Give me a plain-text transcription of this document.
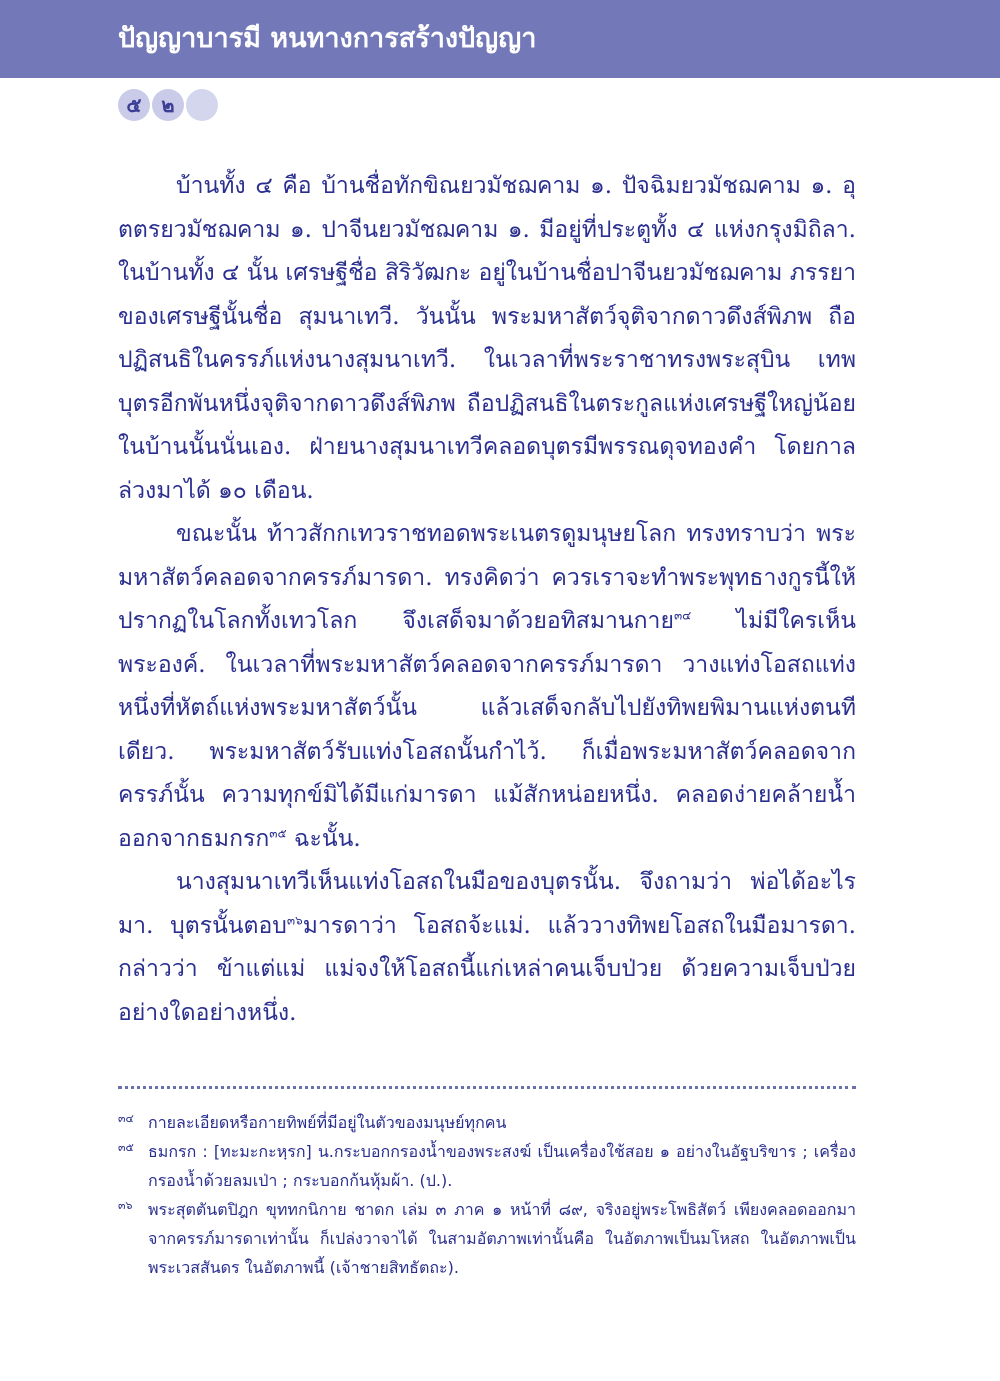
ปัญญาบารมี หนทางการสร้างปัญญา
๕ ๒

บ้านทั้ง ๔ คือ บ้านชื่อทักขิณยวมัชฌคาม ๑. ปัจฉิมยวมัชฌคาม ๑. อุตตรยวมัชฌคาม ๑. ปาจีนยวมัชฌคาม ๑. มีอยู่ที่ประตูทั้ง ๔ แห่งกรุงมิถิลา. ในบ้านทั้ง ๔ นั้น เศรษฐีชื่อ สิริวัฒกะ อยู่ในบ้านชื่อปาจีนยวมัชฌคาม ภรรยาของเศรษฐีนั้นชื่อ สุมนาเทวี. วันนั้น พระมหาสัตว์จุติจากดาวดึงส์พิภพ ถือปฏิสนธิในครรภ์แห่งนางสุมนาเทวี. ในเวลาที่พระราชาทรงพระสุบิน เทพบุตรอีกพันหนึ่งจุติจากดาวดึงส์พิภพ ถือปฏิสนธิในตระกูลแห่งเศรษฐีใหญ่น้อยในบ้านนั้นนั่นเอง. ฝ่ายนางสุมนาเทวีคลอดบุตรมีพรรณดุจทองคำ โดยกาลล่วงมาได้ ๑๐ เดือน.

ขณะนั้น ท้าวสักกเทวราชทอดพระเนตรดูมนุษยโลก ทรงทราบว่า พระมหาสัตว์คลอดจากครรภ์มารดา. ทรงคิดว่า ควรเราจะทำพระพุทธางกูรนี้ให้ปรากฏในโลกทั้งเทวโลก จึงเสด็จมาด้วยอทิสมานกาย$^{๓๔}$ ไม่มีใครเห็นพระองค์. ในเวลาที่พระมหาสัตว์คลอดจากครรภ์มารดา วางแท่งโอสถแท่งหนึ่งที่หัตถ์แห่งพระมหาสัตว์นั้น แล้วเสด็จกลับไปยังทิพยพิมานแห่งตนทีเดียว. พระมหาสัตว์รับแท่งโอสถนั้นกำไว้. ก็เมื่อพระมหาสัตว์คลอดจากครรภ์นั้น ความทุกข์มิได้มีแก่มารดา แม้สักหน่อยหนึ่ง. คลอดง่ายคล้ายน้ำออกจากธมกรก$^{๓๕}$ ฉะนั้น.

นางสุมนาเทวีเห็นแท่งโอสถในมือของบุตรนั้น. จึงถามว่า พ่อได้อะไรมา. บุตรนั้นตอบ$^{๓๖}$มารดาว่า โอสถจ้ะแม่. แล้ววางทิพยโอสถในมือมารดา. กล่าวว่า ข้าแต่แม่ แม่จงให้โอสถนี้แก่เหล่าคนเจ็บป่วย ด้วยความเจ็บป่วยอย่างใดอย่างหนึ่ง.

๓๔ กายละเอียดหรือกายทิพย์ที่มีอยู่ในตัวของมนุษย์ทุกคน
๓๕ ธมกรก : [ทะมะกะหฺรก] น.กระบอกกรองน้ำของพระสงฆ์ เป็นเครื่องใช้สอย ๑ อย่างในอัฐบริขาร ; เครื่องกรองน้ำด้วยลมเป่า ; กระบอกก้นหุ้มผ้า. (ป.).
๓๖ พระสุตตันตปิฎก ขุททกนิกาย ชาดก เล่ม ๓ ภาค ๑ หน้าที่ ๘๙, จริงอยู่พระโพธิสัตว์ เพียงคลอดออกมาจากครรภ์มารดาเท่านั้น ก็เปล่งวาจาได้ ในสามอัตภาพเท่านั้นคือ ในอัตภาพเป็นมโหสถ ในอัตภาพเป็นพระเวสสันดร ในอัตภาพนี้ (เจ้าชายสิทธัตถะ).
